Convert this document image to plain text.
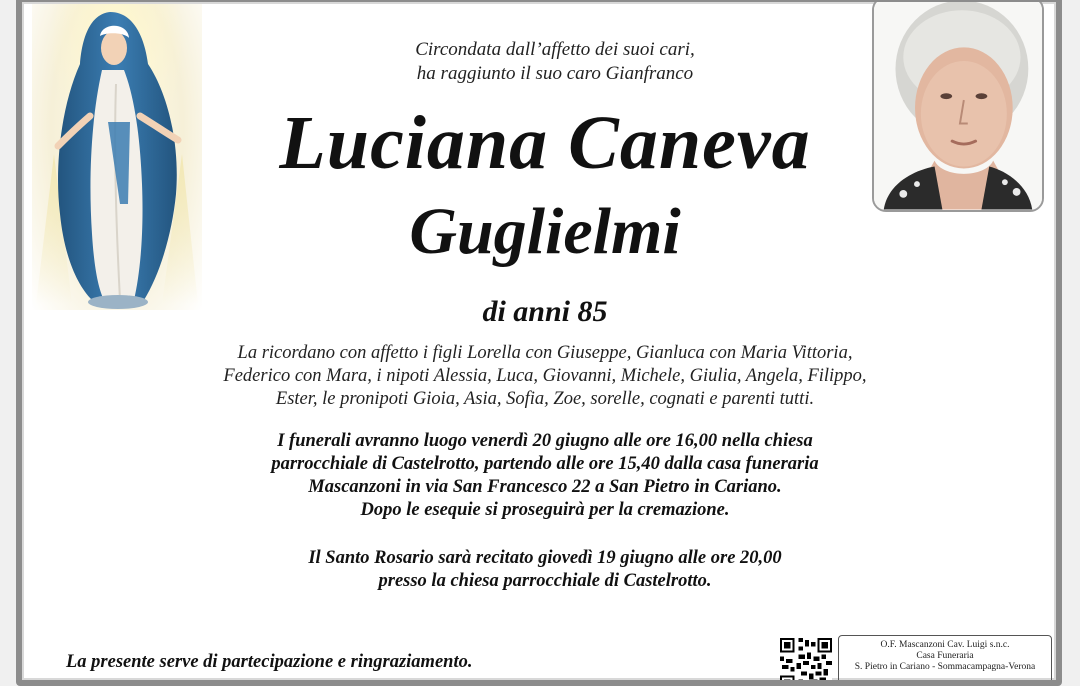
Circondata dall’affetto dei suoi cari,
ha raggiunto il suo caro Gianfranco

Luciana Caneva
Guglielmi

di anni 85

La ricordano con affetto i figli Lorella con Giuseppe, Gianluca con Maria Vittoria,
Federico con Mara, i nipoti Alessia, Luca, Giovanni, Michele, Giulia, Angela, Filippo,
Ester, le pronipoti Gioia, Asia, Sofia, Zoe, sorelle, cognati e parenti tutti.

I funerali avranno luogo venerdì 20 giugno alle ore 16,00 nella chiesa
parrocchiale di Castelrotto, partendo alle ore 15,40 dalla casa funeraria
Mascanzoni in via San Francesco 22 a San Pietro in Cariano.
Dopo le esequie si proseguirà per la cremazione.

Il Santo Rosario sarà recitato giovedì 19 giugno alle ore 20,00
presso la chiesa parrocchiale di Castelrotto.

La presente serve di partecipazione e ringraziamento.

O.F. Mascanzoni Cav. Luigi s.n.c.
Casa Funeraria
S. Pietro in Cariano - Sommacampagna-Verona
